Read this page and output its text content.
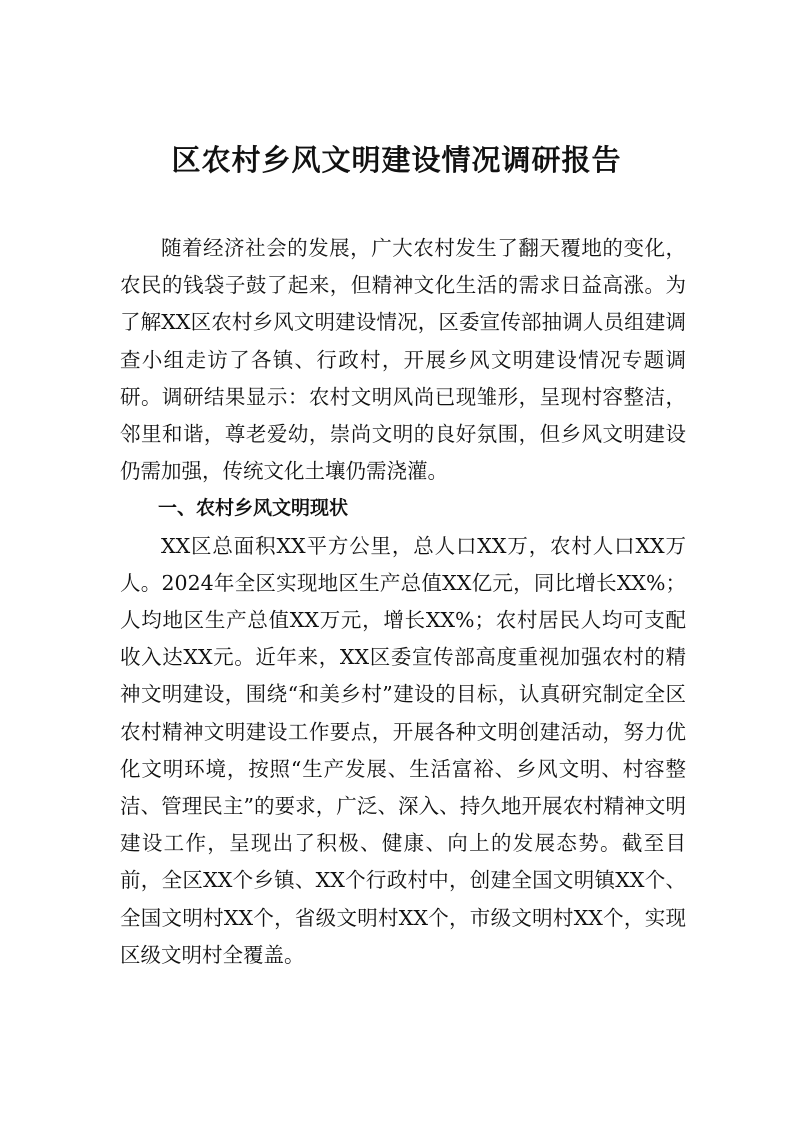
区农村乡风文明建设情况调研报告

随着经济社会的发展，广大农村发生了翻天覆地的变化，农民的钱袋子鼓了起来，但精神文化生活的需求日益高涨。为了解XX区农村乡风文明建设情况，区委宣传部抽调人员组建调查小组走访了各镇、行政村，开展乡风文明建设情况专题调研。调研结果显示：农村文明风尚已现雏形，呈现村容整洁，邻里和谐，尊老爱幼，崇尚文明的良好氛围，但乡风文明建设仍需加强，传统文化土壤仍需浇灌。

一、农村乡风文明现状

XX区总面积XX平方公里，总人口XX万，农村人口XX万人。2024年全区实现地区生产总值XX亿元，同比增长XX%；人均地区生产总值XX万元，增长XX%；农村居民人均可支配收入达XX元。近年来，XX区委宣传部高度重视加强农村的精神文明建设，围绕“和美乡村”建设的目标，认真研究制定全区农村精神文明建设工作要点，开展各种文明创建活动，努力优化文明环境，按照“生产发展、生活富裕、乡风文明、村容整洁、管理民主”的要求，广泛、深入、持久地开展农村精神文明建设工作，呈现出了积极、健康、向上的发展态势。截至目前，全区XX个乡镇、XX个行政村中，创建全国文明镇XX个、全国文明村XX个，省级文明村XX个，市级文明村XX个，实现区级文明村全覆盖。
